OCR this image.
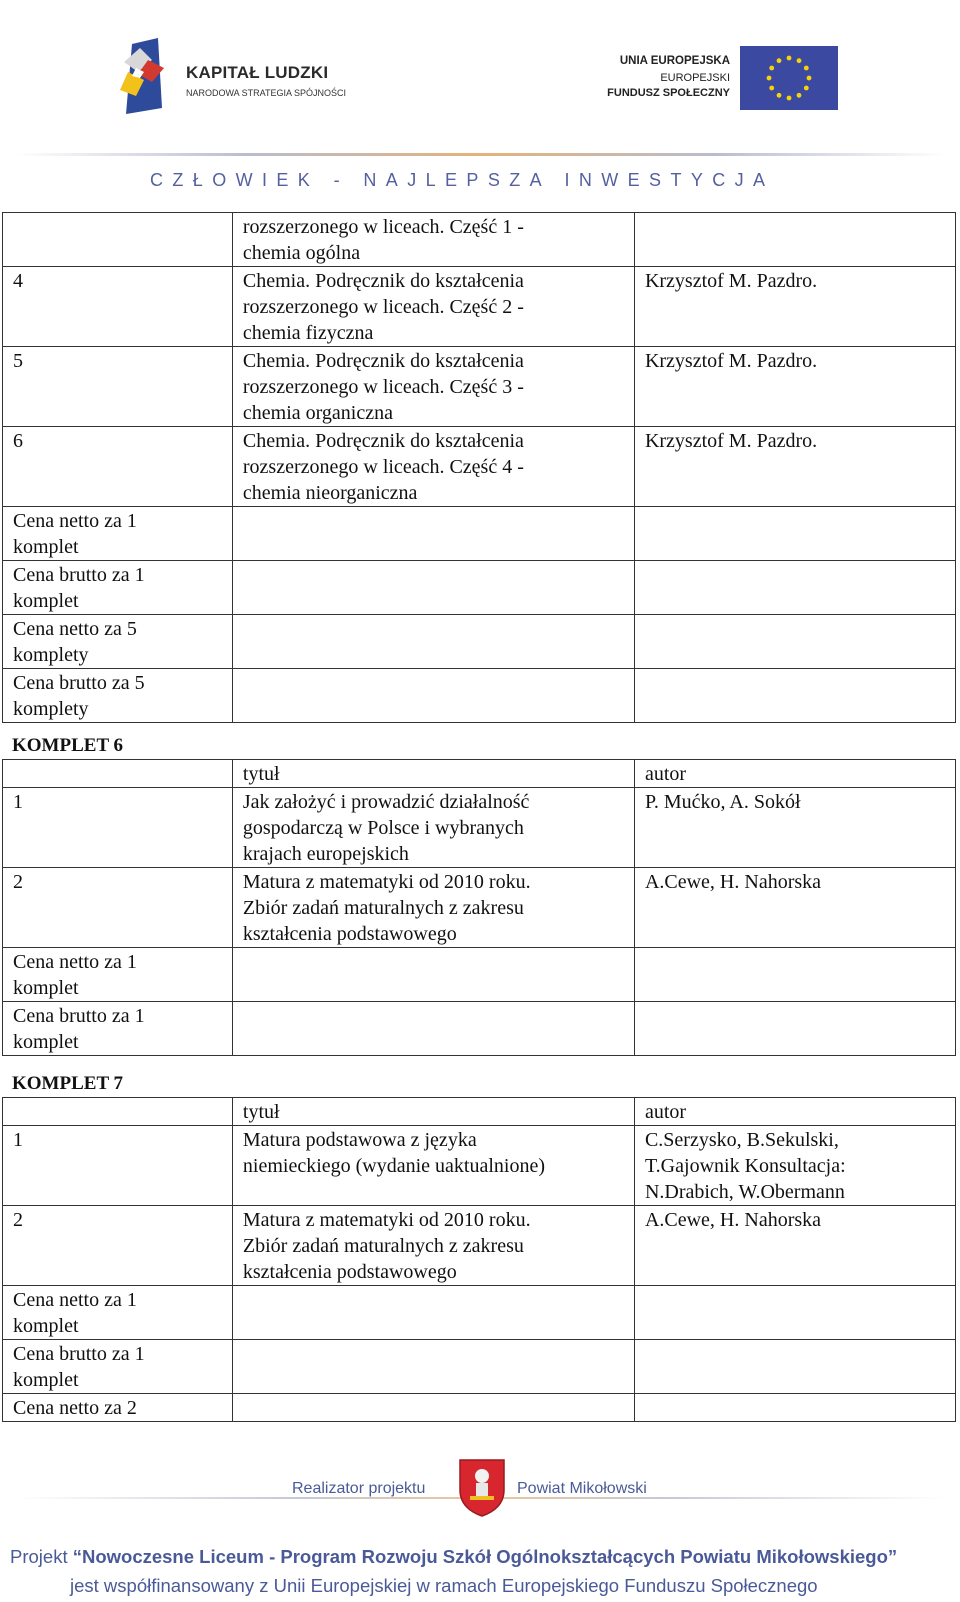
KAPITAŁ LUDZKI
NARODOWA STRATEGIA SPÓJNOŚCI
UNIA EUROPEJSKA
EUROPEJSKI
FUNDUSZ SPOŁECZNY
CZŁOWIEK - NAJLEPSZA INWESTYCJA

	rozszerzonego w liceach. Część 1 -
chemia ogólna	

4	Chemia. Podręcznik do kształcenia
rozszerzonego w liceach. Część 2 -
chemia fizyczna	Krzysztof M. Pazdro.

5	Chemia. Podręcznik do kształcenia
rozszerzonego w liceach. Część 3 -
chemia organiczna	Krzysztof M. Pazdro.

6	Chemia. Podręcznik do kształcenia
rozszerzonego w liceach. Część 4 -
chemia nieorganiczna	Krzysztof M. Pazdro.

Cena netto za 1
komplet		

Cena brutto za 1
komplet		

Cena netto za 5
komplety		

Cena brutto za 5
komplety		

KOMPLET 6
	tytuł	autor
1	Jak założyć i prowadzić działalność
gospodarczą w Polsce i wybranych
krajach europejskich	P. Mućko, A. Sokół

2	Matura z matematyki od 2010 roku.
Zbiór zadań maturalnych z zakresu
kształcenia podstawowego	A.Cewe, H. Nahorska

Cena netto za 1
komplet		

Cena brutto za 1
komplet		

KOMPLET 7
	tytuł	autor
1	Matura podstawowa z języka
niemieckiego (wydanie uaktualnione)	C.Serzysko, B.Sekulski,
T.Gajownik Konsultacja:
N.Drabich, W.Obermann

2	Matura z matematyki od 2010 roku.
Zbiór zadań maturalnych z zakresu
kształcenia podstawowego	A.Cewe, H. Nahorska

Cena netto za 1
komplet		

Cena brutto za 1
komplet		

Cena netto za 2		

Realizator projektu	Powiat Mikołowski
Projekt “Nowoczesne Liceum - Program Rozwoju Szkół Ogólnokształcących Powiatu Mikołowskiego”
jest współfinansowany z Unii Europejskiej w ramach Europejskiego Funduszu Społecznego
